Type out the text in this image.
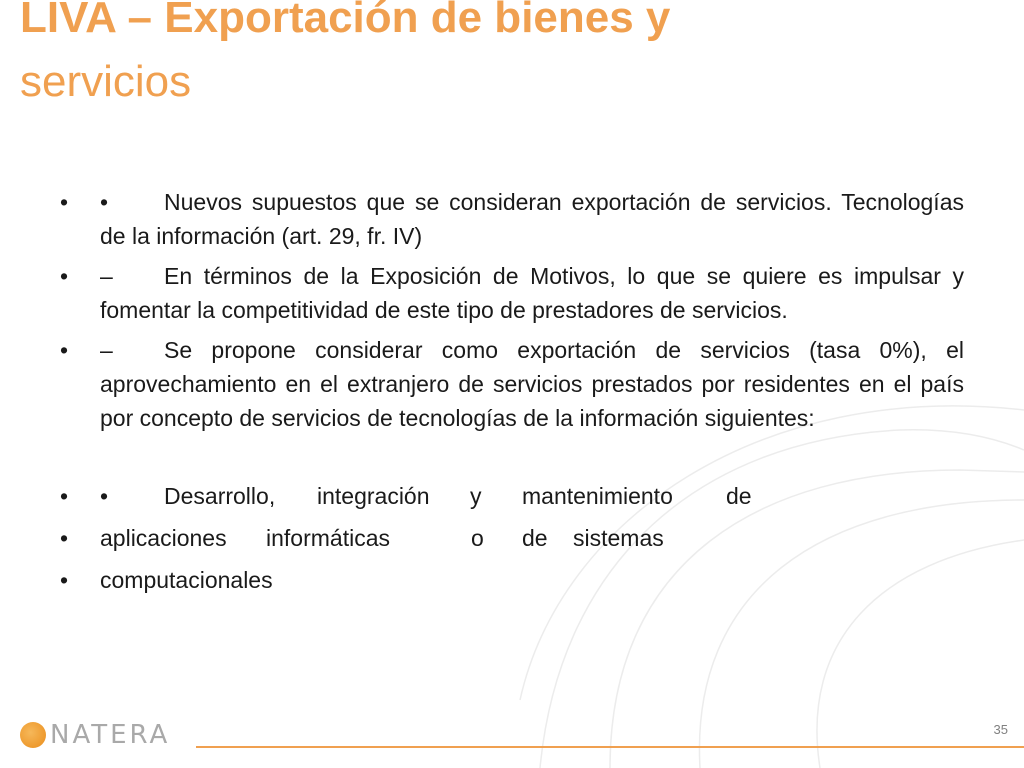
LIVA – Exportación de bienes y
servicios

•	• Nuevos supuestos que se consideran exportación de servicios. Tecnologías de la información (art. 29, fr. IV)

•	– En términos de la Exposición de Motivos, lo que se quiere es impulsar y fomentar la competitividad de este tipo de prestadores de servicios.

•	– Se propone considerar como exportación de servicios (tasa 0%), el aprovechamiento en el extranjero de servicios prestados por residentes en el país por concepto de servicios de tecnologías de la información siguientes:

•	• Desarrollo, integración y mantenimiento de
•	aplicaciones informáticas	o de sistemas
•	computacionales
NATERA	35
